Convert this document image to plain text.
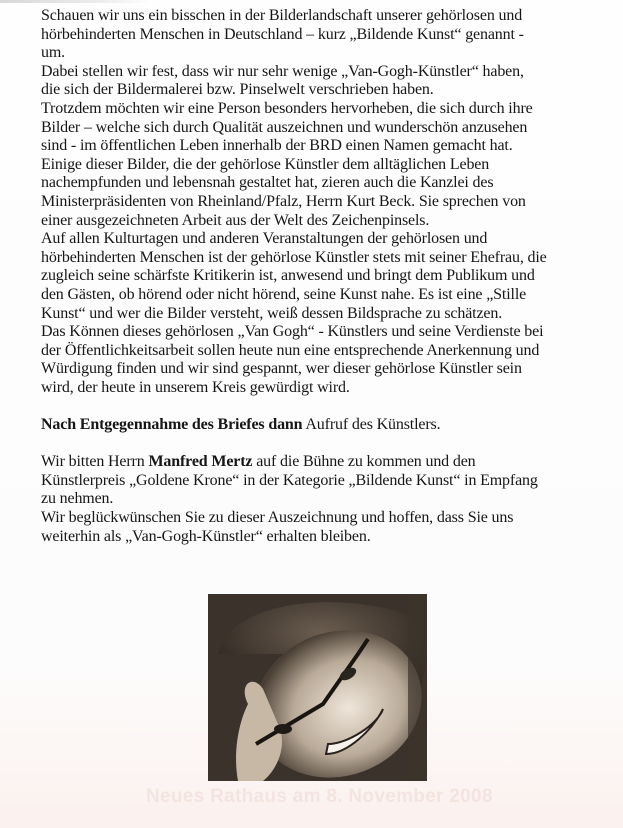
Schauen wir uns ein bisschen in der Bilderlandschaft unserer gehörlosen und
hörbehinderten Menschen in Deutschland – kurz „Bildende Kunst“ genannt -
um.
Dabei stellen wir fest, dass wir nur sehr wenige „Van-Gogh-Künstler“ haben,
die sich der Bildermalerei bzw. Pinselwelt verschrieben haben.
Trotzdem möchten wir eine Person besonders hervorheben, die sich durch ihre
Bilder – welche sich durch Qualität auszeichnen und wunderschön anzusehen
sind - im öffentlichen Leben innerhalb der BRD einen Namen gemacht hat.
Einige dieser Bilder, die der gehörlose Künstler dem alltäglichen Leben
nachempfunden und lebensnah gestaltet hat, zieren auch die Kanzlei des
Ministerpräsidenten von Rheinland/Pfalz, Herrn Kurt Beck. Sie sprechen von
einer ausgezeichneten Arbeit aus der Welt des Zeichenpinsels.
Auf allen Kulturtagen und anderen Veranstaltungen der gehörlosen und
hörbehinderten Menschen ist der gehörlose Künstler stets mit seiner Ehefrau, die
zugleich seine schärfste Kritikerin ist, anwesend und bringt dem Publikum und
den Gästen, ob hörend oder nicht hörend, seine Kunst nahe. Es ist eine „Stille
Kunst“ und wer die Bilder versteht, weiß dessen Bildsprache zu schätzen.
Das Können dieses gehörlosen „Van Gogh“ - Künstlers und seine Verdienste bei
der Öffentlichkeitsarbeit sollen heute nun eine entsprechende Anerkennung und
Würdigung finden und wir sind gespannt, wer dieser gehörlose Künstler sein
wird, der heute in unserem Kreis gewürdigt wird.
Nach Entgegennahme des Briefes dann Aufruf des Künstlers.
Wir bitten Herrn Manfred Mertz auf die Bühne zu kommen und den
Künstlerpreis „Goldene Krone“ in der Kategorie „Bildende Kunst“ in Empfang
zu nehmen.
Wir beglückwünschen Sie zu dieser Auszeichnung und hoffen, dass Sie uns
weiterhin als „Van-Gogh-Künstler“ erhalten bleiben.
Neues Rathaus am 8. November 2008
